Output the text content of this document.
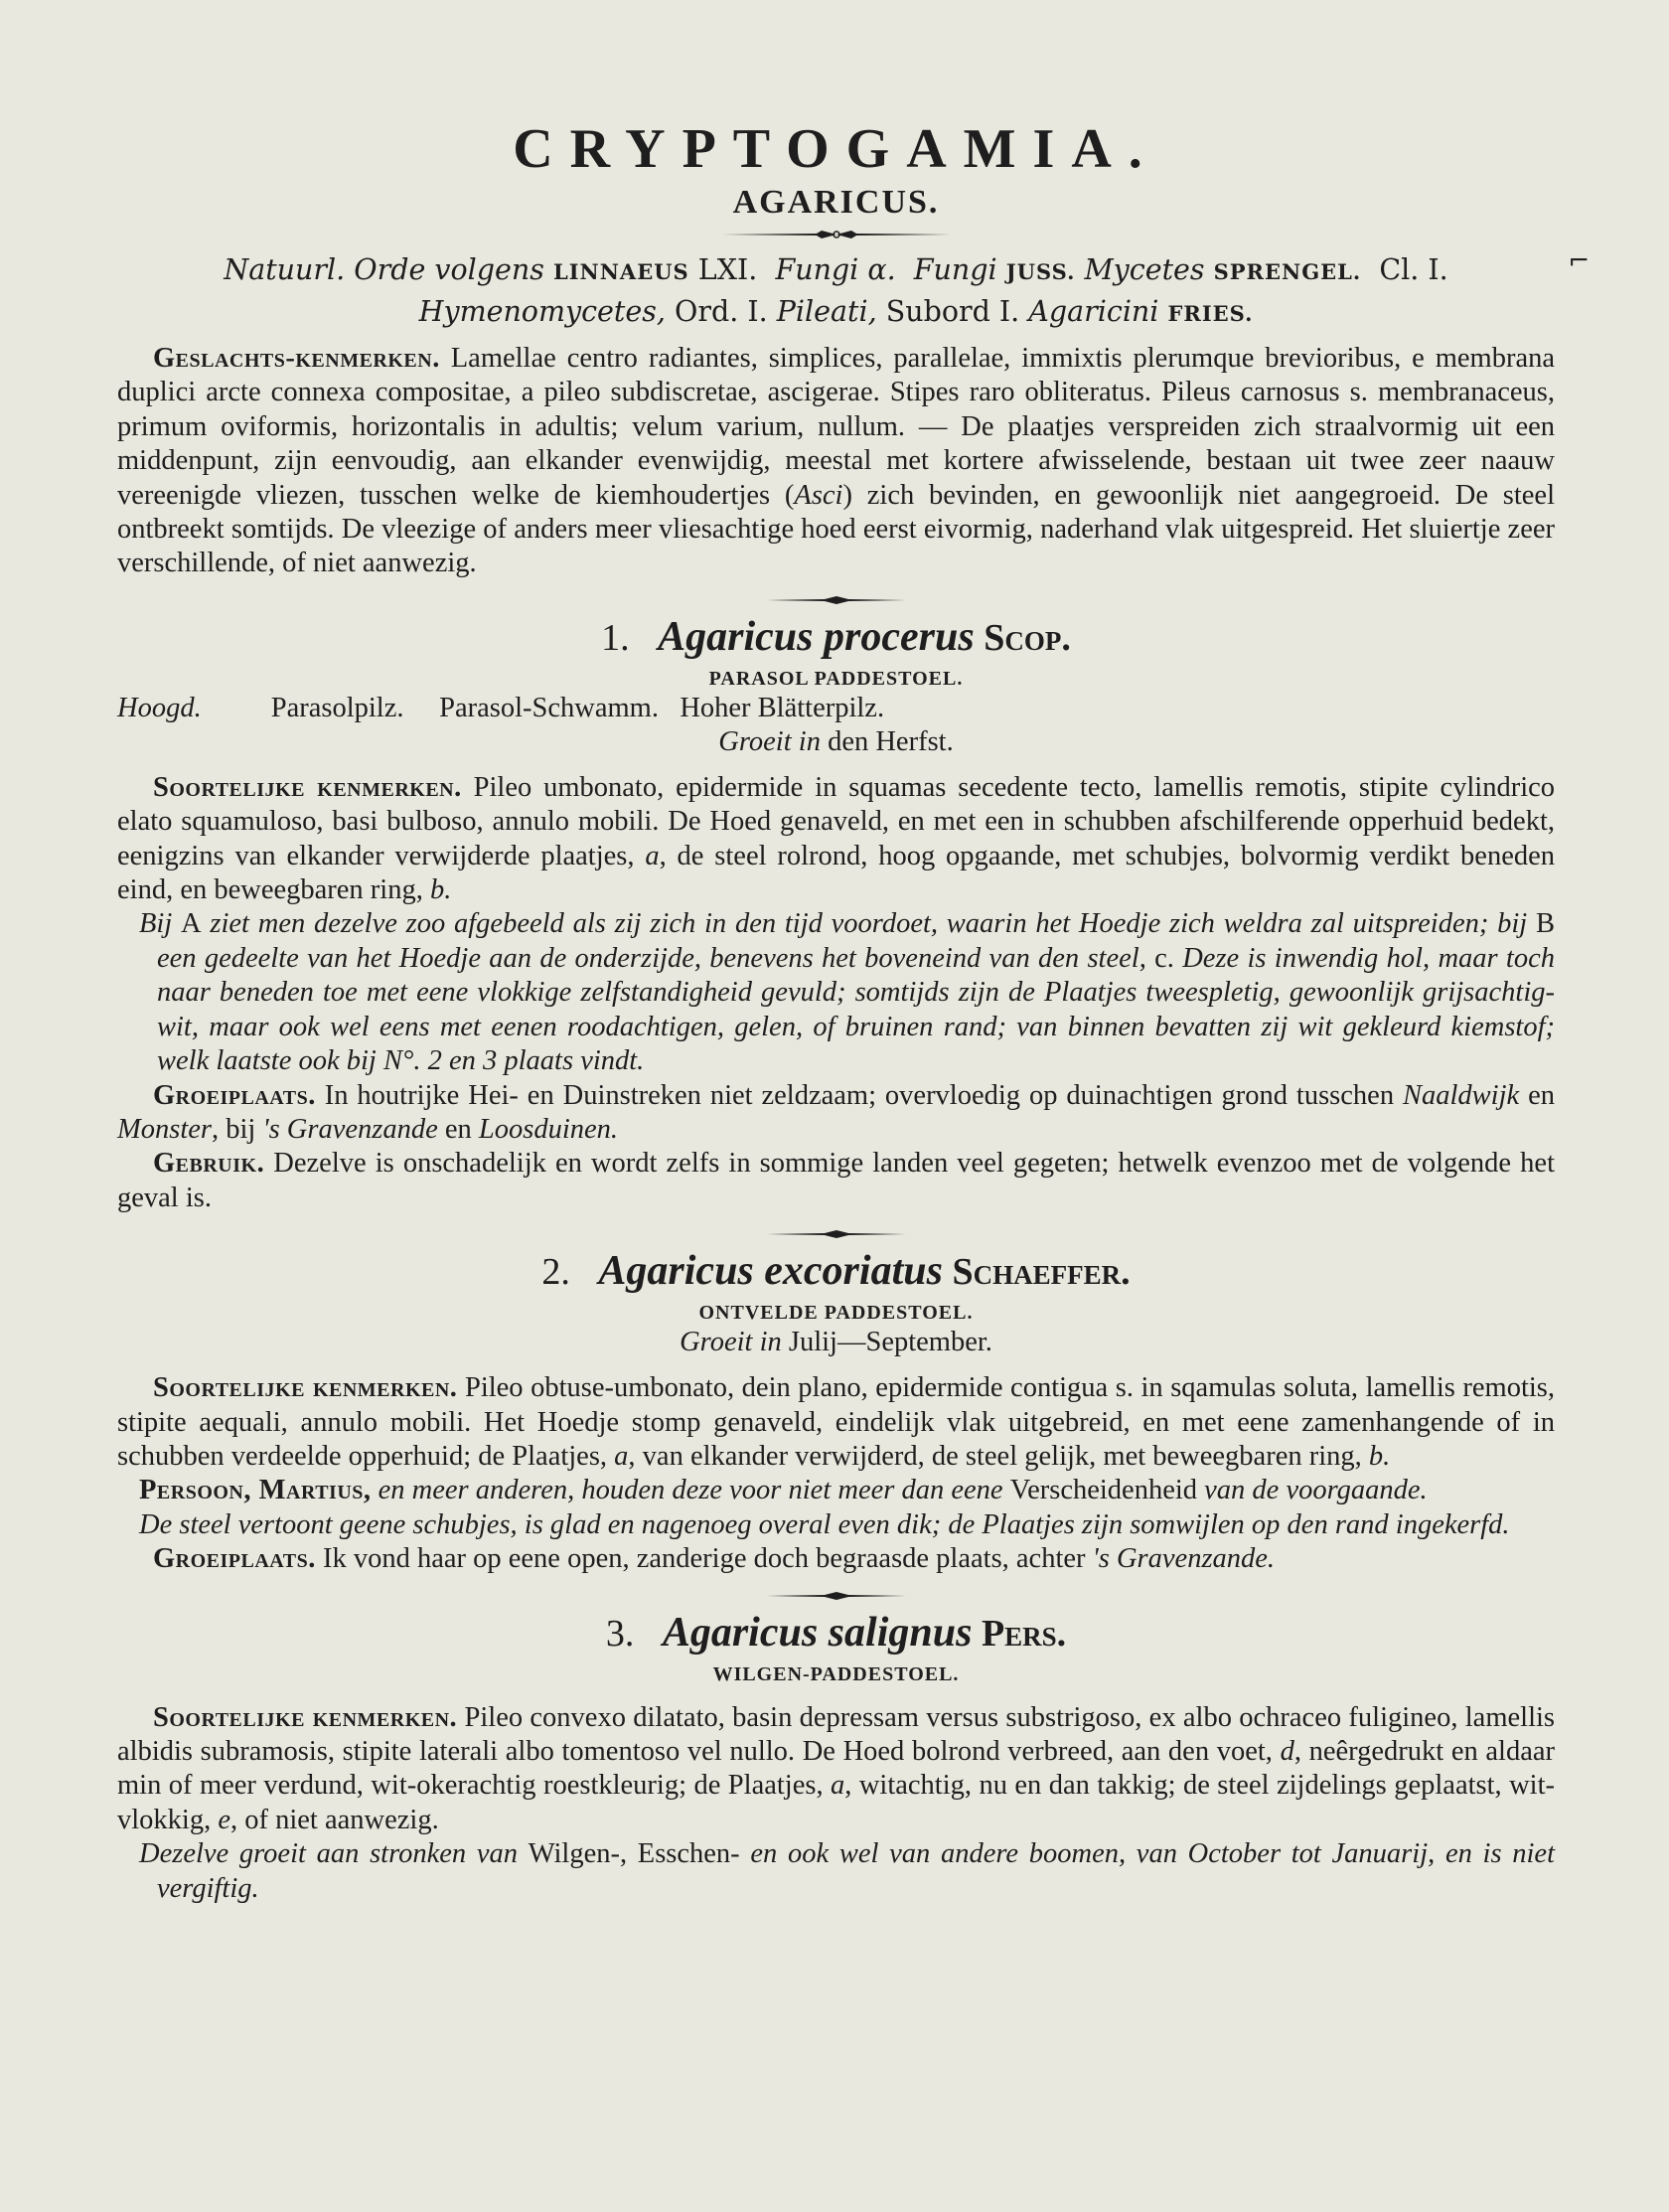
⌐
CRYPTOGAMIA.
AGARICUS.

Natuurl. Orde volgens LINNAEUS LXI. Fungi α. Fungi JUSS. Mycetes SPRENGEL. Cl. I. Hymenomycetes, Ord. I. Pileati, Subord I. Agaricini FRIES.

Geslachts-kenmerken. Lamellae centro radiantes, simplices, parallelae, immixtis plerumque brevioribus, e membrana duplici arcte connexa compositae, a pileo subdiscretae, ascigerae. Stipes raro obliteratus. Pileus carnosus s. membranaceus, primum oviformis, horizontalis in adultis; velum varium, nullum. — De plaatjes verspreiden zich straalvormig uit een middenpunt, zijn eenvoudig, aan elkander evenwijdig, meestal met kortere afwisselende, bestaan uit twee zeer naauw vereenigde vliezen, tusschen welke de kiemhoudertjes (Asci) zich bevinden, en gewoonlijk niet aangegroeid. De steel ontbreekt somtijds. De vleezige of anders meer vliesachtige hoed eerst eivormig, naderhand vlak uitgespreid. Het sluiertje zeer verschillende, of niet aanwezig.

1. Agaricus procerus Scop.
PARASOL PADDESTOEL.
Hoogd. Parasolpilz.     Parasol-Schwamm.   Hoher Blätterpilz.
Groeit in den Herfst.

Soortelijke kenmerken. Pileo umbonato, epidermide in squamas secedente tecto, lamellis remotis, stipite cylindrico elato squamuloso, basi bulboso, annulo mobili. De Hoed genaveld, en met een in schubben afschilferende opperhuid bedekt, eenigzins van elkander verwijderde plaatjes, a, de steel rolrond, hoog opgaande, met schubjes, bolvormig verdikt beneden eind, en beweegbaren ring, b.

Bij A ziet men dezelve zoo afgebeeld als zij zich in den tijd voordoet, waarin het Hoedje zich weldra zal uitspreiden; bij B een gedeelte van het Hoedje aan de onderzijde, benevens het boveneind van den steel, c. Deze is inwendig hol, maar toch naar beneden toe met eene vlokkige zelfstandigheid gevuld; somtijds zijn de Plaatjes tweespletig, gewoonlijk grijsachtig-wit, maar ook wel eens met eenen roodachtigen, gelen, of bruinen rand; van binnen bevatten zij wit gekleurd kiemstof; welk laatste ook bij N°. 2 en 3 plaats vindt.

Groeiplaats. In houtrijke Hei- en Duinstreken niet zeldzaam; overvloedig op duinachtigen grond tusschen Naaldwijk en Monster, bij 's Gravenzande en Loosduinen.

Gebruik. Dezelve is onschadelijk en wordt zelfs in sommige landen veel gegeten; hetwelk evenzoo met de volgende het geval is.

2. Agaricus excoriatus Schaeffer.
ONTVELDE PADDESTOEL.
Groeit in Julij—September.

Soortelijke kenmerken. Pileo obtuse-umbonato, dein plano, epidermide contigua s. in sqamulas soluta, lamellis remotis, stipite aequali, annulo mobili. Het Hoedje stomp genaveld, eindelijk vlak uitgebreid, en met eene zamenhangende of in schubben verdeelde opperhuid; de Plaatjes, a, van elkander verwijderd, de steel gelijk, met beweegbaren ring, b.

Persoon, Martius, en meer anderen, houden deze voor niet meer dan eene Verscheidenheid van de voorgaande.

De steel vertoont geene schubjes, is glad en nagenoeg overal even dik; de Plaatjes zijn somwijlen op den rand ingekerfd.

Groeiplaats. Ik vond haar op eene open, zanderige doch begraasde plaats, achter 's Gravenzande.

3. Agaricus salignus Pers.
WILGEN-PADDESTOEL.

Soortelijke kenmerken. Pileo convexo dilatato, basin depressam versus substrigoso, ex albo ochraceo fuligineo, lamellis albidis subramosis, stipite laterali albo tomentoso vel nullo. De Hoed bolrond verbreed, aan den voet, d, neêrgedrukt en aldaar min of meer verdund, wit-okerachtig roestkleurig; de Plaatjes, a, witachtig, nu en dan takkig; de steel zijdelings geplaatst, wit-vlokkig, e, of niet aanwezig.

Dezelve groeit aan stronken van Wilgen-, Esschen- en ook wel van andere boomen, van October tot Januarij, en is niet vergiftig.
